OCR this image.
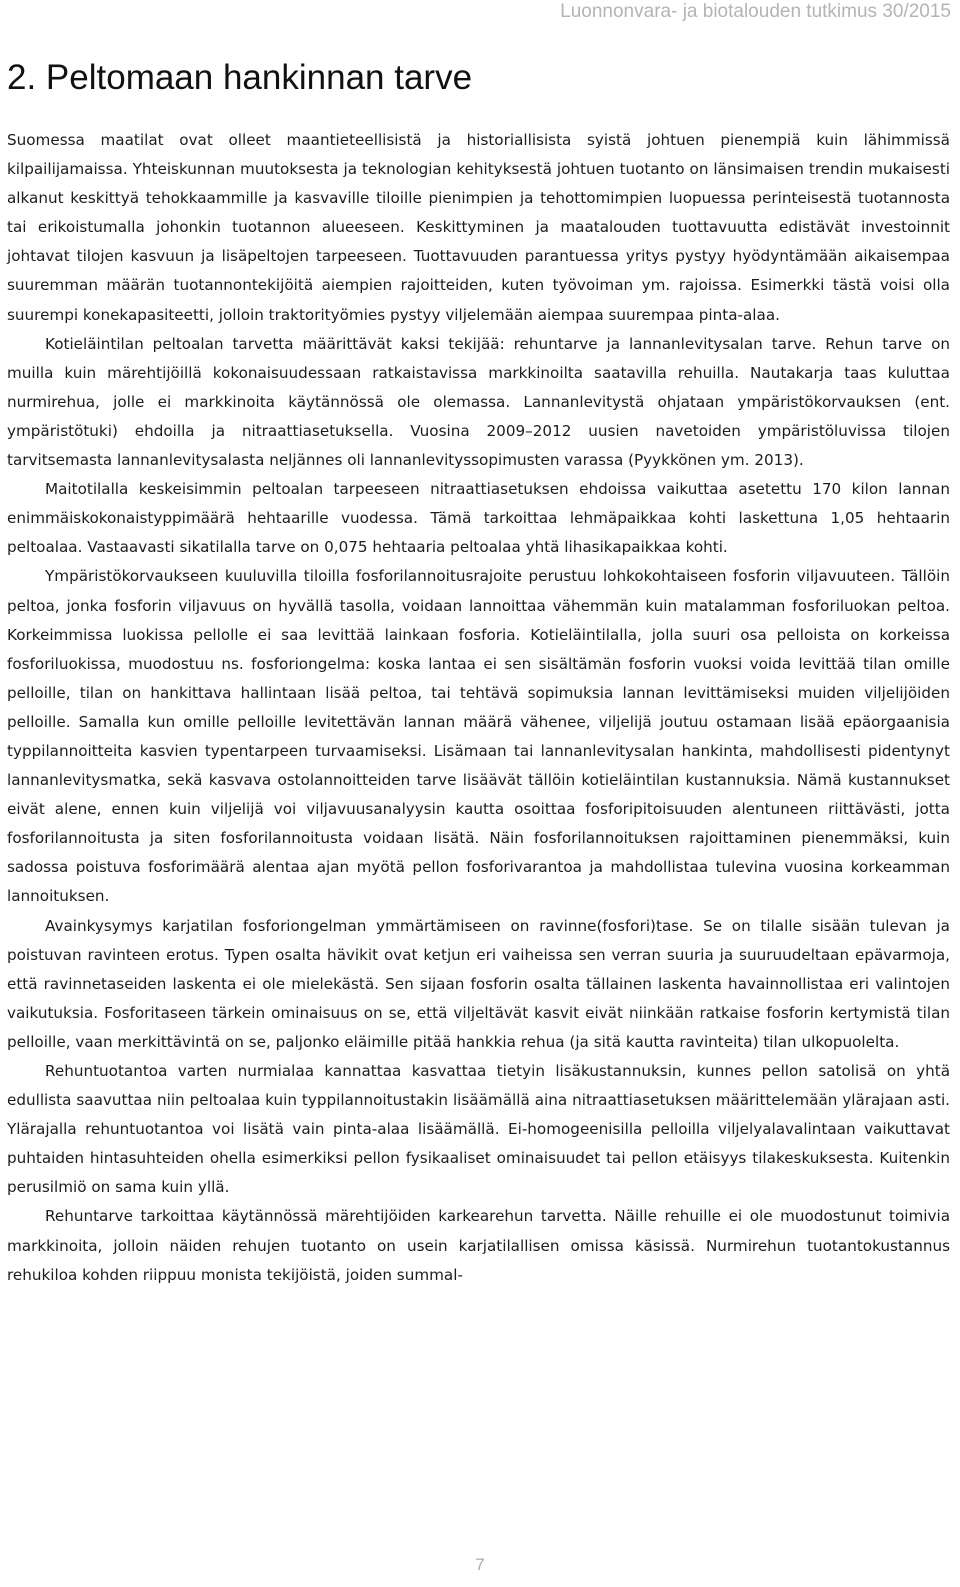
Luonnonvara- ja biotalouden tutkimus 30/2015
2. Peltomaan hankinnan tarve

Suomessa maatilat ovat olleet maantieteellisistä ja historiallisista syistä johtuen pienempiä kuin lähimmissä kilpailijamaissa. Yhteiskunnan muutoksesta ja teknologian kehityksestä johtuen tuotanto on länsimaisen trendin mukaisesti alkanut keskittyä tehokkaammille ja kasvaville tiloille pienimpien ja tehottomimpien luopuessa perinteisestä tuotannosta tai erikoistumalla johonkin tuotannon alueeseen. Keskittyminen ja maatalouden tuottavuutta edistävät investoinnit johtavat tilojen kasvuun ja lisäpeltojen tarpeeseen. Tuottavuuden parantuessa yritys pystyy hyödyntämään aikaisempaa suuremman määrän tuotannontekijöitä aiempien rajoitteiden, kuten työvoiman ym. rajoissa. Esimerkki tästä voisi olla suurempi konekapasiteetti, jolloin traktorityömies pystyy viljelemään aiempaa suurempaa pinta-alaa.

Kotieläintilan peltoalan tarvetta määrittävät kaksi tekijää: rehuntarve ja lannanlevitysalan tarve. Rehun tarve on muilla kuin märehtijöillä kokonaisuudessaan ratkaistavissa markkinoilta saatavilla rehuilla. Nautakarja taas kuluttaa nurmirehua, jolle ei markkinoita käytännössä ole olemassa. Lannanlevitystä ohjataan ympäristökorvauksen (ent. ympäristötuki) ehdoilla ja nitraattiasetuksella. Vuosina 2009–2012 uusien navetoiden ympäristöluvissa tilojen tarvitsemasta lannanlevitysalasta neljännes oli lannanlevityssopimusten varassa (Pyykkönen ym. 2013).

Maitotilalla keskeisimmin peltoalan tarpeeseen nitraattiasetuksen ehdoissa vaikuttaa asetettu 170 kilon lannan enimmäiskokonaistyppimäärä hehtaarille vuodessa. Tämä tarkoittaa lehmäpaikkaa kohti laskettuna 1,05 hehtaarin peltoalaa. Vastaavasti sikatilalla tarve on 0,075 hehtaaria peltoalaa yhtä lihasikapaikkaa kohti.

Ympäristökorvaukseen kuuluvilla tiloilla fosforilannoitusrajoite perustuu lohkokohtaiseen fosforin viljavuuteen. Tällöin peltoa, jonka fosforin viljavuus on hyvällä tasolla, voidaan lannoittaa vähemmän kuin matalamman fosforiluokan peltoa. Korkeimmissa luokissa pellolle ei saa levittää lainkaan fosforia. Kotieläintilalla, jolla suuri osa pelloista on korkeissa fosforiluokissa, muodostuu ns. fosforiongelma: koska lantaa ei sen sisältämän fosforin vuoksi voida levittää tilan omille pelloille, tilan on hankittava hallintaan lisää peltoa, tai tehtävä sopimuksia lannan levittämiseksi muiden viljelijöiden pelloille. Samalla kun omille pelloille levitettävän lannan määrä vähenee, viljelijä joutuu ostamaan lisää epäorgaanisia typpilannoitteita kasvien typentarpeen turvaamiseksi. Lisämaan tai lannanlevitysalan hankinta, mahdollisesti pidentynyt lannanlevitysmatka, sekä kasvava ostolannoitteiden tarve lisäävät tällöin kotieläintilan kustannuksia. Nämä kustannukset eivät alene, ennen kuin viljelijä voi viljavuusanalyysin kautta osoittaa fosforipitoisuuden alentuneen riittävästi, jotta fosforilannoitusta ja siten fosforilannoitusta voidaan lisätä. Näin fosforilannoituksen rajoittaminen pienemmäksi, kuin sadossa poistuva fosforimäärä alentaa ajan myötä pellon fosforivarantoa ja mahdollistaa tulevina vuosina korkeamman lannoituksen.

Avainkysymys karjatilan fosforiongelman ymmärtämiseen on ravinne(fosfori)tase. Se on tilalle sisään tulevan ja poistuvan ravinteen erotus. Typen osalta hävikit ovat ketjun eri vaiheissa sen verran suuria ja suuruudeltaan epävarmoja, että ravinnetaseiden laskenta ei ole mielekästä. Sen sijaan fosforin osalta tällainen laskenta havainnollistaa eri valintojen vaikutuksia. Fosforitaseen tärkein ominaisuus on se, että viljeltävät kasvit eivät niinkään ratkaise fosforin kertymistä tilan pelloille, vaan merkittävintä on se, paljonko eläimille pitää hankkia rehua (ja sitä kautta ravinteita) tilan ulkopuolelta.

Rehuntuotantoa varten nurmialaa kannattaa kasvattaa tietyin lisäkustannuksin, kunnes pellon satolisä on yhtä edullista saavuttaa niin peltoalaa kuin typpilannoitustakin lisäämällä aina nitraattiasetuksen määrittelemään ylärajaan asti. Ylärajalla rehuntuotantoa voi lisätä vain pinta-alaa lisäämällä. Ei-homogeenisilla pelloilla viljelyalavalintaan vaikuttavat puhtaiden hintasuhteiden ohella esimerkiksi pellon fysikaaliset ominaisuudet tai pellon etäisyys tilakeskuksesta. Kuitenkin perusilmiö on sama kuin yllä.

Rehuntarve tarkoittaa käytännössä märehtijöiden karkearehun tarvetta. Näille rehuille ei ole muodostunut toimivia markkinoita, jolloin näiden rehujen tuotanto on usein karjatilallisen omissa käsissä. Nurmirehun tuotantokustannus rehukiloa kohden riippuu monista tekijöistä, joiden summal-

7
